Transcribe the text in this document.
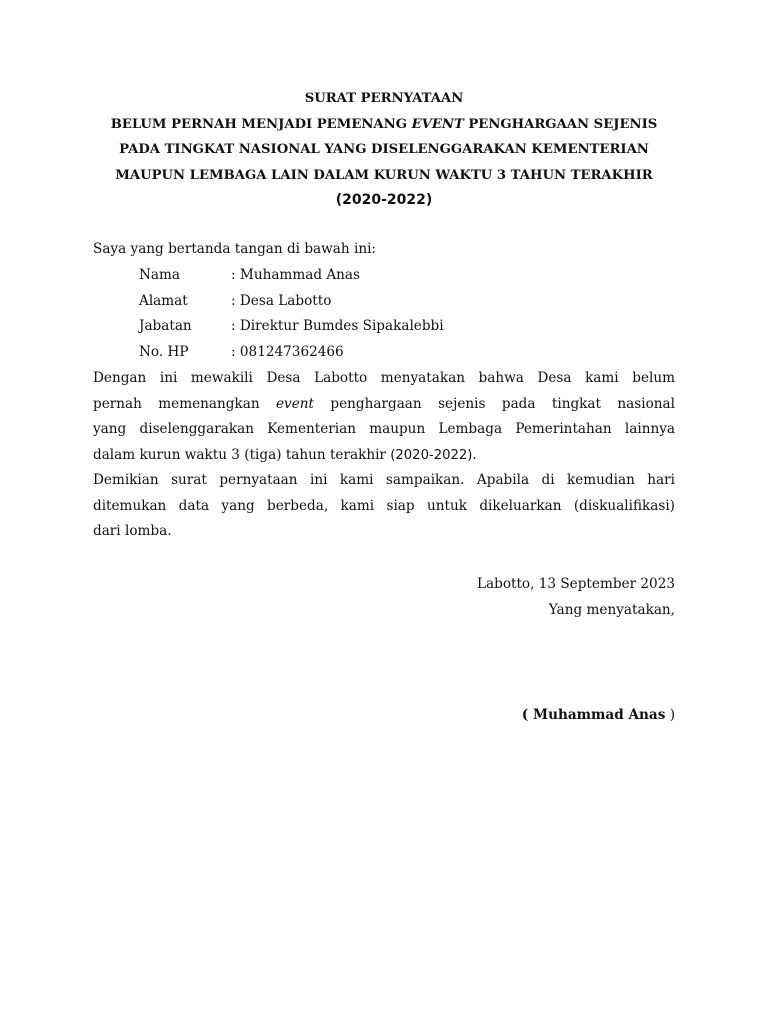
SURAT PERNYATAAN
BELUM PERNAH MENJADI PEMENANG EVENT PENGHARGAAN SEJENIS
PADA TINGKAT NASIONAL YANG DISELENGGARAKAN KEMENTERIAN
MAUPUN LEMBAGA LAIN DALAM KURUN WAKTU 3 TAHUN TERAKHIR
(2020-2022)
Saya yang bertanda tangan di bawah ini:
Nama	: Muhammad Anas
Alamat	: Desa Labotto
Jabatan	: Direktur Bumdes Sipakalebbi
No. HP	: 081247362466
Dengan ini mewakili Desa Labotto menyatakan bahwa Desa kami belum
pernah memenangkan event penghargaan sejenis pada tingkat nasional
yang diselenggarakan Kementerian maupun Lembaga Pemerintahan lainnya
dalam kurun waktu 3 (tiga) tahun terakhir (2020-2022).
Demikian surat pernyataan ini kami sampaikan. Apabila di kemudian hari
ditemukan data yang berbeda, kami siap untuk dikeluarkan (diskualifikasi)
dari lomba.
Labotto, 13 September 2023
Yang menyatakan,
( Muhammad Anas )
